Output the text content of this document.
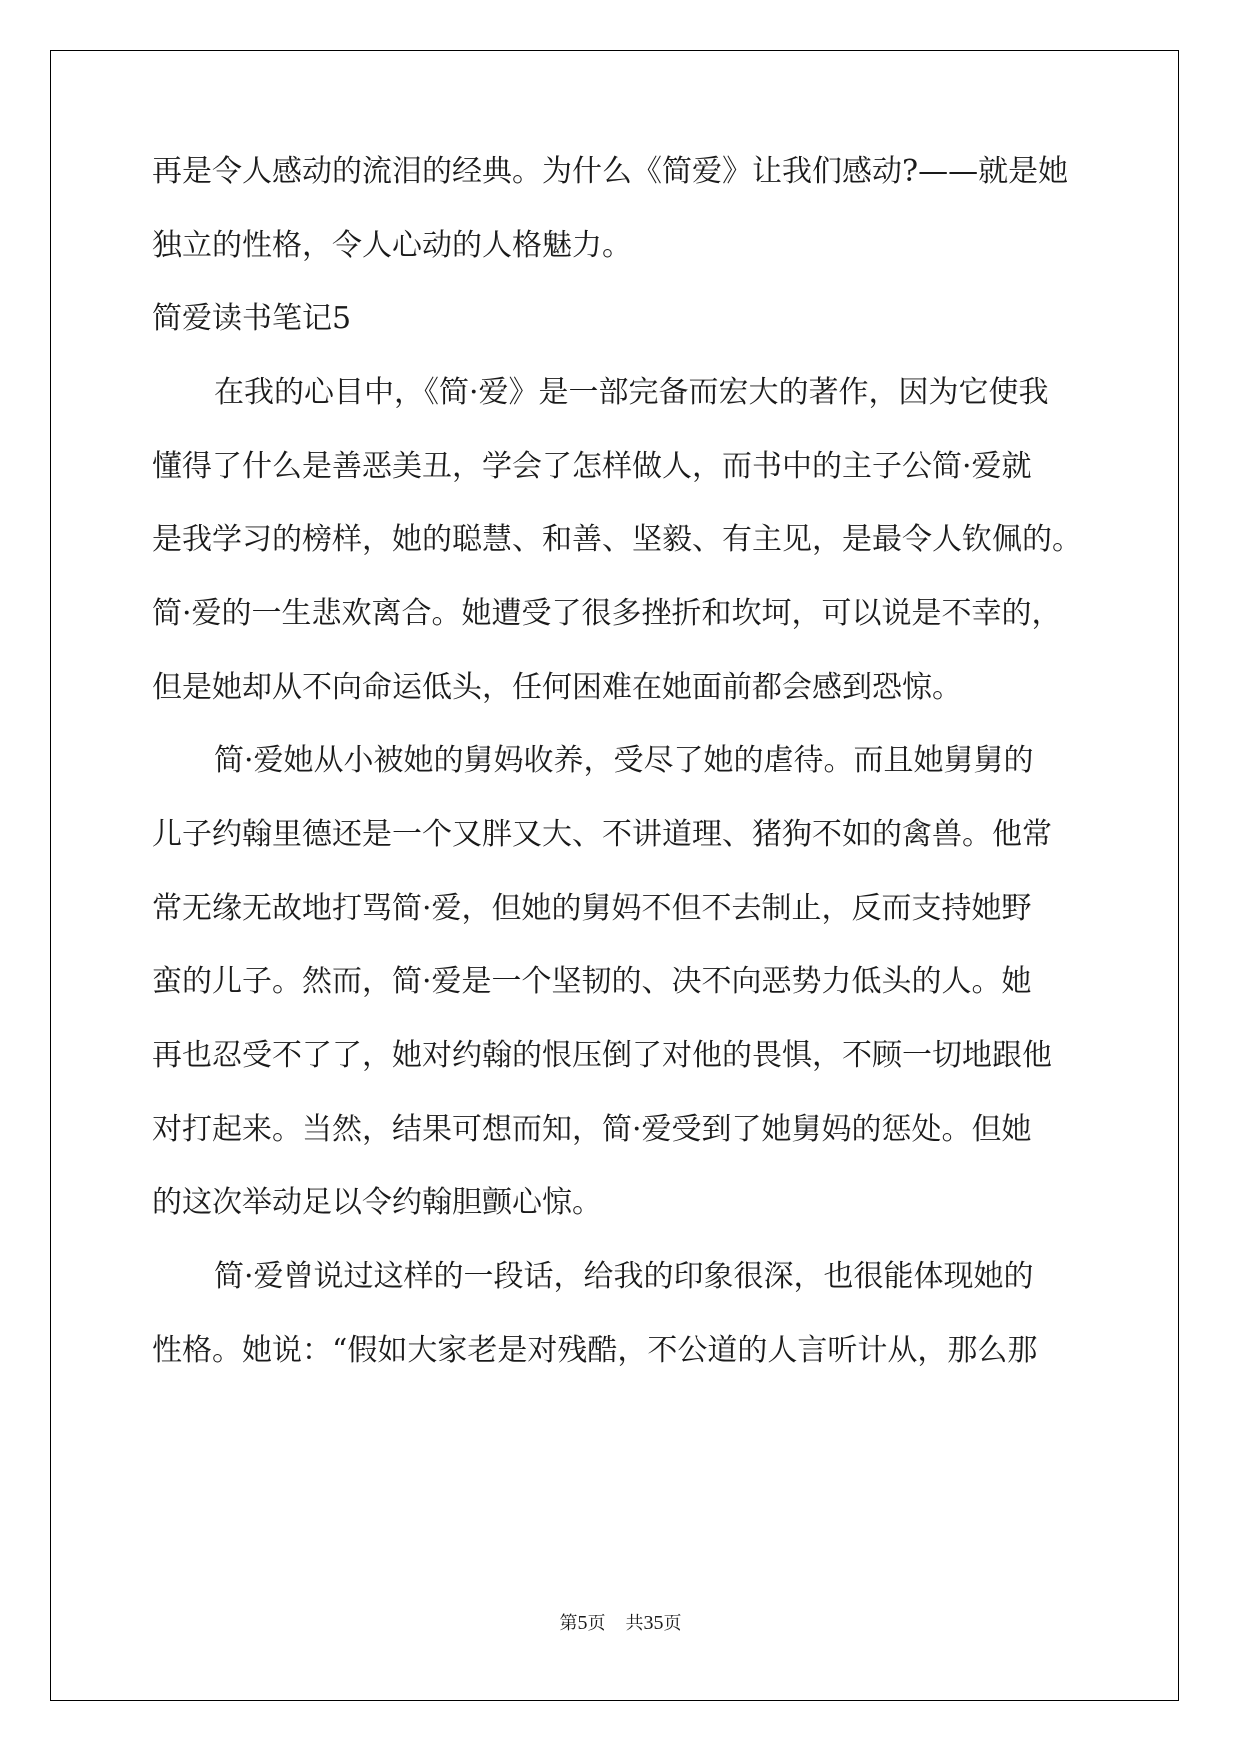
再是令人感动的流泪的经典。为什么《简爱》让我们感动?——就是她

独立的性格，令人心动的人格魅力。

简爱读书笔记5

在我的心目中，《简·爱》是一部完备而宏大的著作，因为它使我

懂得了什么是善恶美丑，学会了怎样做人，而书中的主子公简·爱就

是我学习的榜样，她的聪慧、和善、坚毅、有主见，是最令人钦佩的。

简·爱的一生悲欢离合。她遭受了很多挫折和坎坷，可以说是不幸的，

但是她却从不向命运低头，任何困难在她面前都会感到恐惊。

简·爱她从小被她的舅妈收养，受尽了她的虐待。而且她舅舅的

儿子约翰里德还是一个又胖又大、不讲道理、猪狗不如的禽兽。他常

常无缘无故地打骂简·爱，但她的舅妈不但不去制止，反而支持她野

蛮的儿子。然而，简·爱是一个坚韧的、决不向恶势力低头的人。她

再也忍受不了了，她对约翰的恨压倒了对他的畏惧，不顾一切地跟他

对打起来。当然，结果可想而知，简·爱受到了她舅妈的惩处。但她

的这次举动足以令约翰胆颤心惊。

简·爱曾说过这样的一段话，给我的印象很深，也很能体现她的

性格。她说：“假如大家老是对残酷，不公道的人言听计从，那么那

第5页 共35页
